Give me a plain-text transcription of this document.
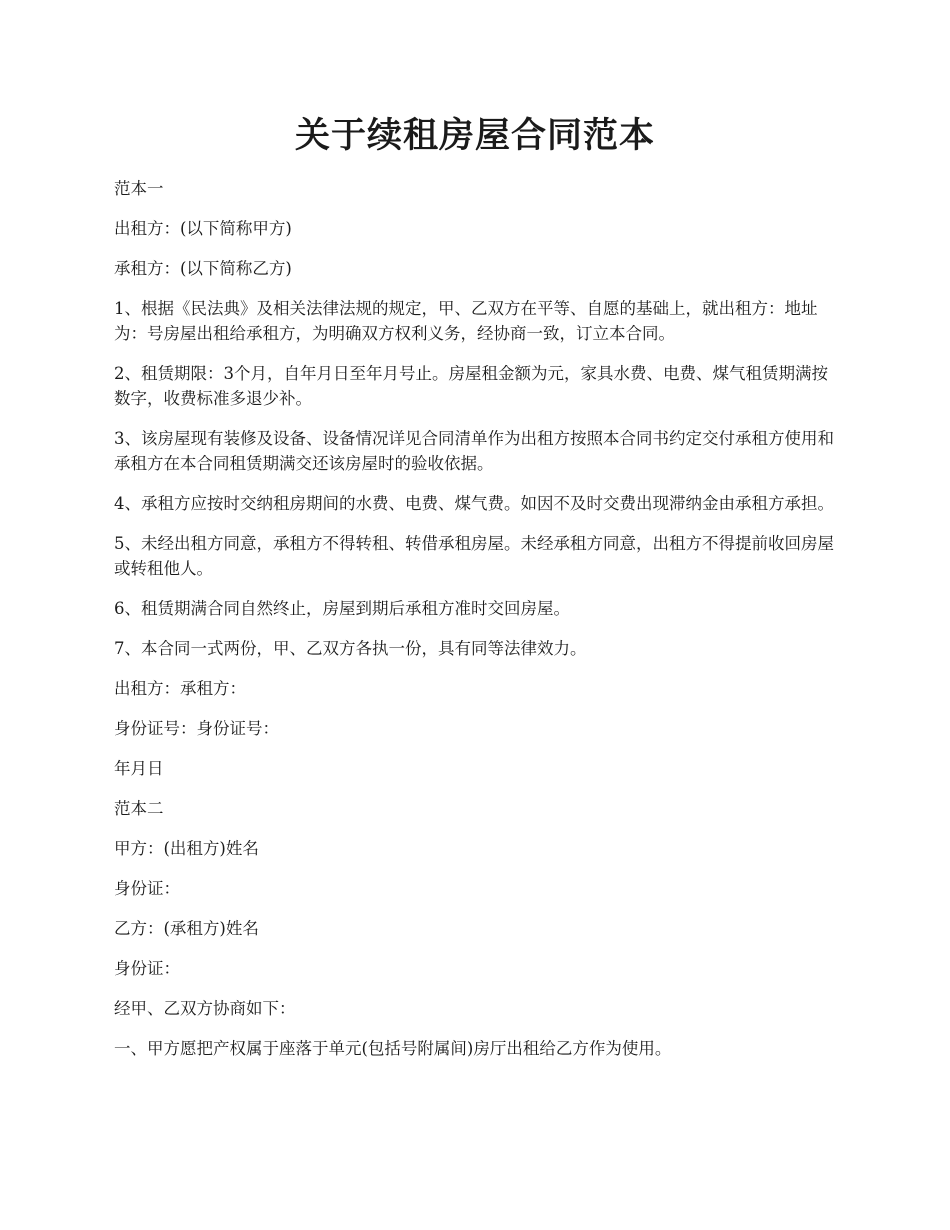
关于续租房屋合同范本

范本一

出租方：(以下简称甲方)

承租方：(以下简称乙方)

1、根据《民法典》及相关法律法规的规定，甲、乙双方在平等、自愿的基础上，就出租方：地址为：号房屋出租给承租方，为明确双方权利义务，经协商一致，订立本合同。

2、租赁期限：3个月，自年月日至年月号止。房屋租金额为元，家具水费、电费、煤气租赁期满按数字，收费标准多退少补。

3、该房屋现有装修及设备、设备情况详见合同清单作为出租方按照本合同书约定交付承租方使用和承租方在本合同租赁期满交还该房屋时的验收依据。

4、承租方应按时交纳租房期间的水费、电费、煤气费。如因不及时交费出现滞纳金由承租方承担。

5、未经出租方同意，承租方不得转租、转借承租房屋。未经承租方同意，出租方不得提前收回房屋或转租他人。

6、租赁期满合同自然终止，房屋到期后承租方准时交回房屋。

7、本合同一式两份，甲、乙双方各执一份，具有同等法律效力。

出租方：承租方：

身份证号：身份证号：

年月日

范本二

甲方：(出租方)姓名

身份证：

乙方：(承租方)姓名

身份证：

经甲、乙双方协商如下：

一、甲方愿把产权属于座落于单元(包括号附属间)房厅出租给乙方作为使用。
